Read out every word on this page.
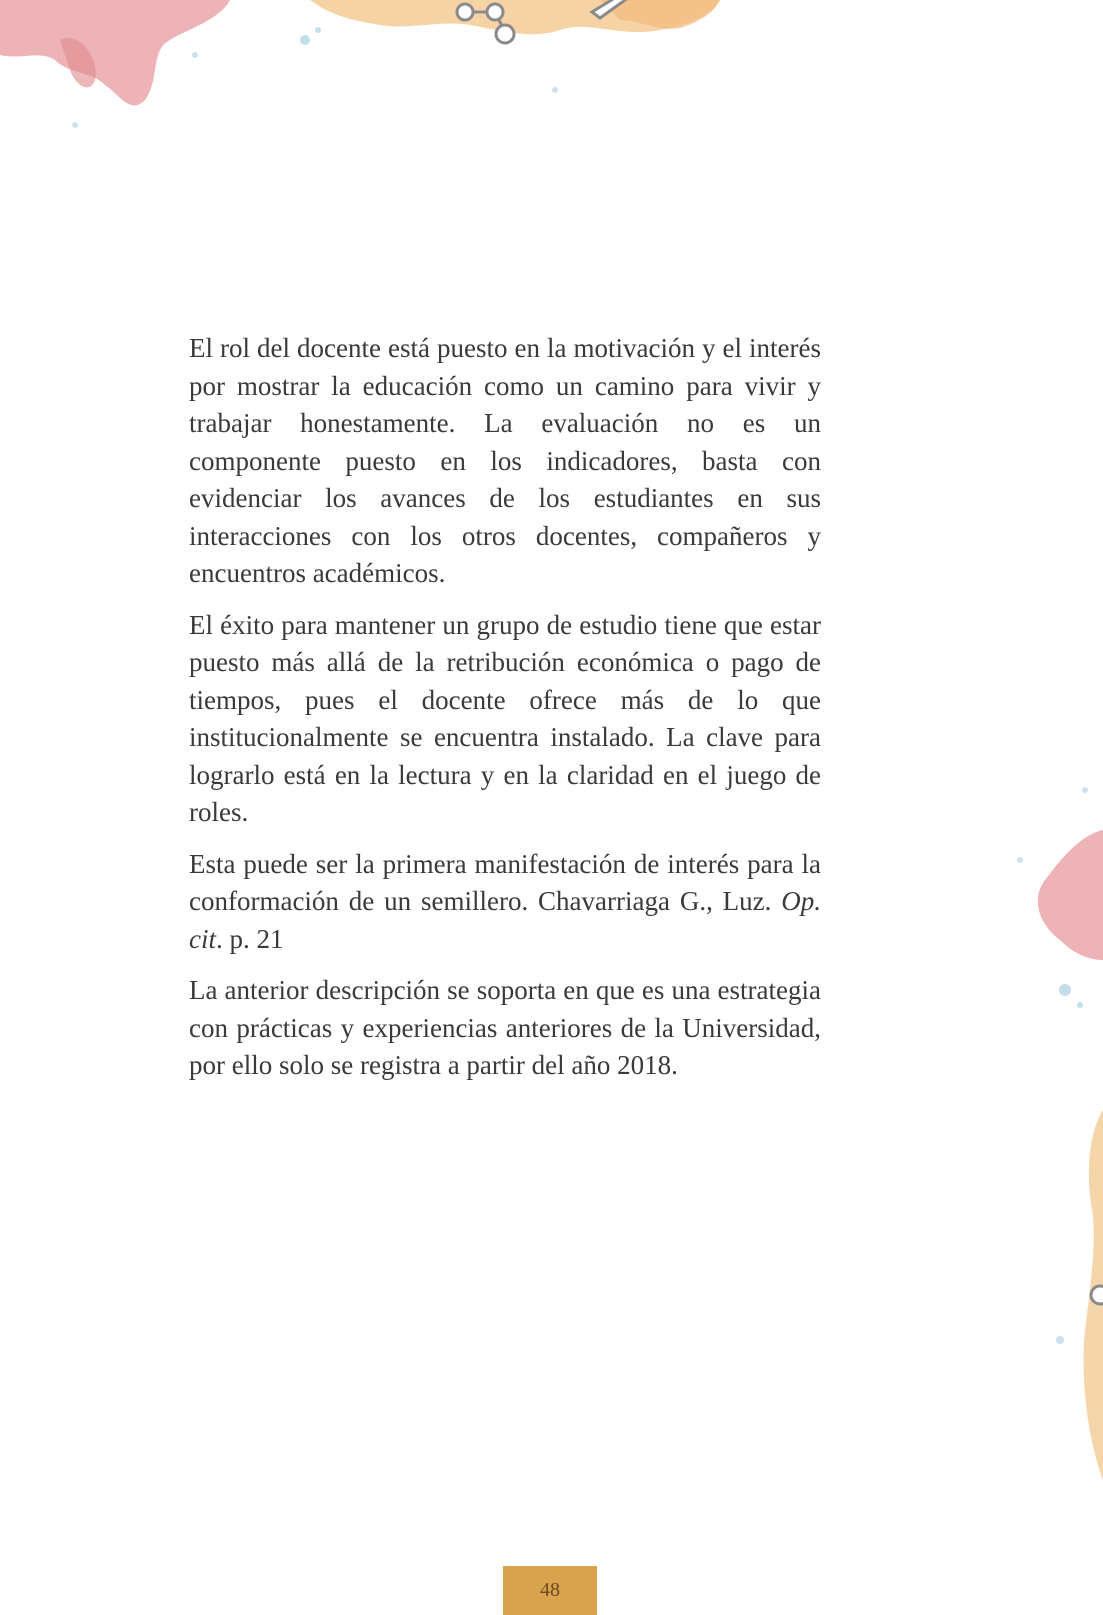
El rol del docente está puesto en la motivación y el interés por mostrar la educación como un camino para vivir y trabajar honestamente. La evaluación no es un componente puesto en los indicadores, basta con evidenciar los avances de los estudiantes en sus interacciones con los otros docentes, compañeros y encuentros académicos.

El éxito para mantener un grupo de estudio tiene que estar puesto más allá de la retribución económica o pago de tiempos, pues el docente ofrece más de lo que institucionalmente se encuentra instalado. La clave para lograrlo está en la lectura y en la claridad en el juego de roles.

Esta puede ser la primera manifestación de interés para la conformación de un semillero. Chavarriaga G., Luz. Op. cit. p. 21

La anterior descripción se soporta en que es una estrategia con prácticas y experiencias anteriores de la Universidad, por ello solo se registra a partir del año 2018.

48
